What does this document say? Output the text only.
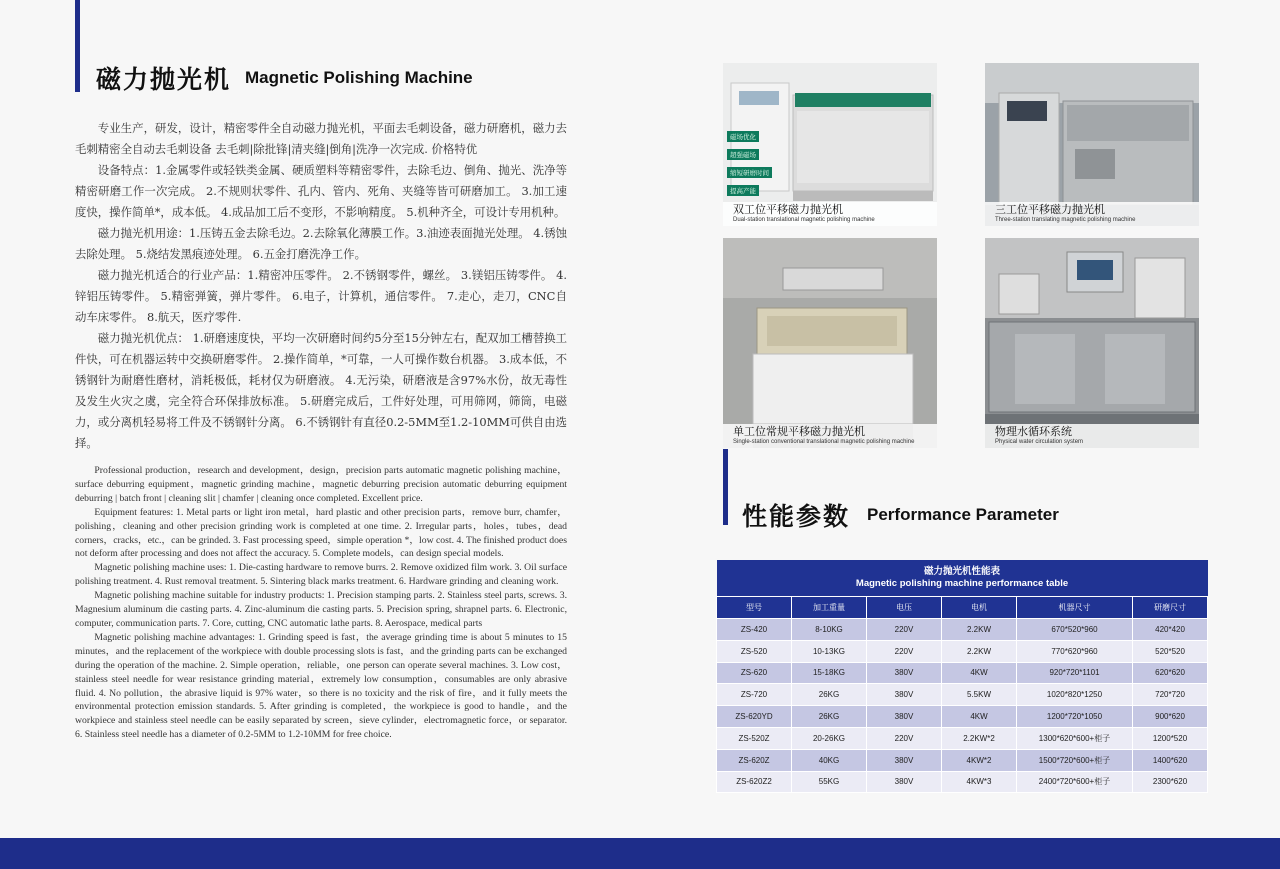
磁力抛光机 Magnetic Polishing Machine

专业生产，研发，设计，精密零件全自动磁力抛光机，平面去毛刺设备，磁力研磨机，磁力去毛刺精密全自动去毛刺设备 去毛刺|除批锋|清夹缝|倒角|洗净一次完成. 价格特优

设备特点：1.金属零件或轻铁类金属、硬质塑料等精密零件，去除毛边、倒角、抛光、洗净等精密研磨工作一次完成。 2.不规则状零件、孔内、管内、死角、夹缝等皆可研磨加工。 3.加工速度快，操作简单*，成本低。 4.成品加工后不变形，不影响精度。 5.机种齐全，可设计专用机种。

磁力抛光机用途：1.压铸五金去除毛边。2.去除氧化薄膜工作。3.油迹表面抛光处理。 4.锈蚀去除处理。 5.烧结发黑痕迹处理。 6.五金打磨洗净工作。

磁力抛光机适合的行业产品：1.精密冲压零件。 2.不锈钢零件，螺丝。 3.镁铝压铸零件。 4.锌铝压铸零件。 5.精密弹簧，弹片零件。 6.电子，计算机，通信零件。 7.走心，走刀，CNC自动车床零件。 8.航天，医疗零件.

磁力抛光机优点： 1.研磨速度快，平均一次研磨时间约5分至15分钟左右，配双加工槽替换工件快，可在机器运转中交换研磨零件。 2.操作简单，*可靠，一人可操作数台机器。 3.成本低，不锈钢针为耐磨性磨材，消耗极低，耗材仅为研磨液。 4.无污染，研磨液是含97%水份，故无毒性及发生火灾之虞，完全符合环保排放标准。 5.研磨完成后，工件好处理，可用筛网，筛筒，电磁力，或分离机轻易将工件及不锈钢针分离。 6.不锈钢针有直径0.2-5MM至1.2-10MM可供自由选择。

Professional production，research and development，design，precision parts automatic magnetic polishing machine，surface deburring equipment，magnetic grinding machine，magnetic deburring precision automatic deburring equipment deburring | batch front | cleaning slit | chamfer | cleaning once completed. Excellent price.

Equipment features: 1. Metal parts or light iron metal，hard plastic and other precision parts，remove burr, chamfer，polishing，cleaning and other precision grinding work is completed at one time. 2. Irregular parts，holes，tubes，dead corners，cracks，etc.，can be grinded. 3. Fast processing speed，simple operation *，low cost. 4. The finished product does not deform after processing and does not affect the accuracy. 5. Complete models，can design special models.

Magnetic polishing machine uses: 1. Die-casting hardware to remove burrs. 2. Remove oxidized film work. 3. Oil surface polishing treatment. 4. Rust removal treatment. 5. Sintering black marks treatment. 6. Hardware grinding and cleaning work.

Magnetic polishing machine suitable for industry products: 1. Precision stamping parts. 2. Stainless steel parts, screws. 3. Magnesium aluminum die casting parts. 4. Zinc-aluminum die casting parts. 5. Precision spring, shrapnel parts. 6. Electronic, computer, communication parts. 7. Core, cutting, CNC automatic lathe parts. 8. Aerospace, medical parts

Magnetic polishing machine advantages: 1. Grinding speed is fast，the average grinding time is about 5 minutes to 15 minutes，and the replacement of the workpiece with double processing slots is fast，and the grinding parts can be exchanged during the operation of the machine. 2. Simple operation，reliable，one person can operate several machines. 3. Low cost，stainless steel needle for wear resistance grinding material，extremely low consumption，consumables are only abrasive fluid. 4. No pollution，the abrasive liquid is 97% water，so there is no toxicity and the risk of fire，and it fully meets the environmental protection emission standards. 5. After grinding is completed，the workpiece is good to handle，and the workpiece and stainless steel needle can be easily separated by screen，sieve cylinder，electromagnetic force，or separator. 6. Stainless steel needle has a diameter of 0.2-5MM to 1.2-10MM for free choice.

磁场优化
超强磁场
缩短研磨时间
提高产能
双工位平移磁力抛光机
Dual-station translational magnetic polishing machine
三工位平移磁力抛光机
Three-station translating magnetic polishing machine
单工位常规平移磁力抛光机
Single-station conventional translational magnetic polishing machine
物理水循环系统
Physical water circulation system
性能参数 Performance Parameter
磁力抛光机性能表
Magnetic polishing machine performance table					

型号	加工重量	电压	电机	机器尺寸	研磨尺寸
ZS-420	8-10KG	220V	2.2KW	670*520*960	420*420
ZS-520	10-13KG	220V	2.2KW	770*620*960	520*520
ZS-620	15-18KG	380V	4KW	920*720*1101	620*620
ZS-720	26KG	380V	5.5KW	1020*820*1250	720*720
ZS-620YD	26KG	380V	4KW	1200*720*1050	900*620
ZS-520Z	20-26KG	220V	2.2KW*2	1300*620*600+柜子	1200*520
ZS-620Z	40KG	380V	4KW*2	1500*720*600+柜子	1400*620
ZS-620Z2	55KG	380V	4KW*3	2400*720*600+柜子	2300*620
